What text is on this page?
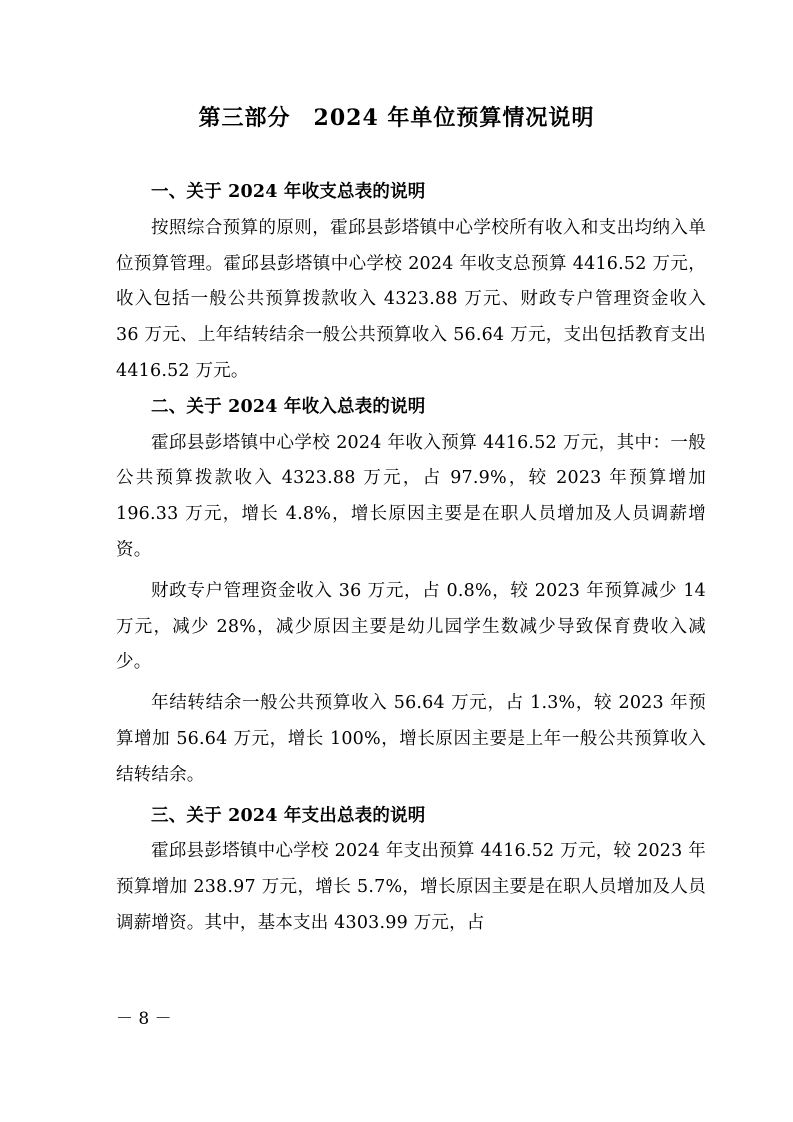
第三部分　2024 年单位预算情况说明

一、关于 2024 年收支总表的说明

按照综合预算的原则，霍邱县彭塔镇中心学校所有收入和支出均纳入单位预算管理。霍邱县彭塔镇中心学校 2024 年收支总预算 4416.52 万元，收入包括一般公共预算拨款收入 4323.88 万元、财政专户管理资金收入 36 万元、上年结转结余一般公共预算收入 56.64 万元，支出包括教育支出 4416.52 万元。

二、关于 2024 年收入总表的说明

霍邱县彭塔镇中心学校 2024 年收入预算 4416.52 万元，其中：一般公共预算拨款收入 4323.88 万元，占 97.9%，较 2023 年预算增加 196.33 万元，增长 4.8%，增长原因主要是在职人员增加及人员调薪增资。

财政专户管理资金收入 36 万元，占 0.8%，较 2023 年预算减少 14 万元，减少 28%，减少原因主要是幼儿园学生数减少导致保育费收入减少。

年结转结余一般公共预算收入 56.64 万元，占 1.3%，较 2023 年预算增加 56.64 万元，增长 100%，增长原因主要是上年一般公共预算收入结转结余。

三、关于 2024 年支出总表的说明

霍邱县彭塔镇中心学校 2024 年支出预算 4416.52 万元，较 2023 年预算增加 238.97 万元，增长 5.7%，增长原因主要是在职人员增加及人员调薪增资。其中，基本支出 4303.99 万元，占

－ 8 －
